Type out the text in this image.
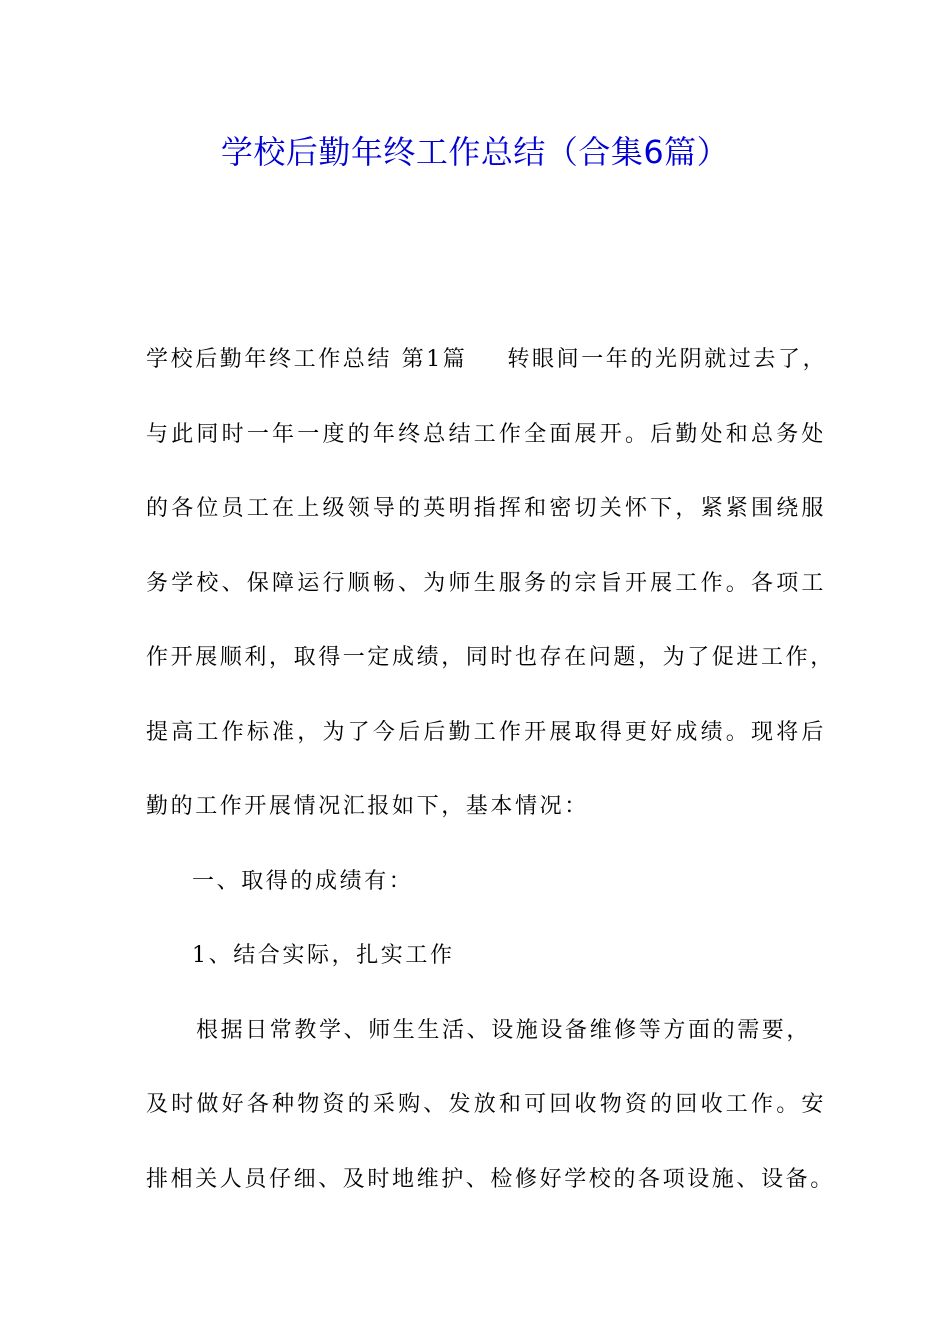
学校后勤年终工作总结（合集6篇）
学校后勤年终工作总结 第1篇 转眼间一年的光阴就过去了，
与此同时一年一度的年终总结工作全面展开。后勤处和总务处
的各位员工在上级领导的英明指挥和密切关怀下，紧紧围绕服
务学校、保障运行顺畅、为师生服务的宗旨开展工作。各项工
作开展顺利，取得一定成绩，同时也存在问题，为了促进工作，
提高工作标准，为了今后后勤工作开展取得更好成绩。现将后
勤的工作开展情况汇报如下，基本情况：
一、取得的成绩有：
1、结合实际，扎实工作
根据日常教学、师生生活、设施设备维修等方面的需要，
及时做好各种物资的采购、发放和可回收物资的回收工作。安
排相关人员仔细、及时地维护、检修好学校的各项设施、设备。
